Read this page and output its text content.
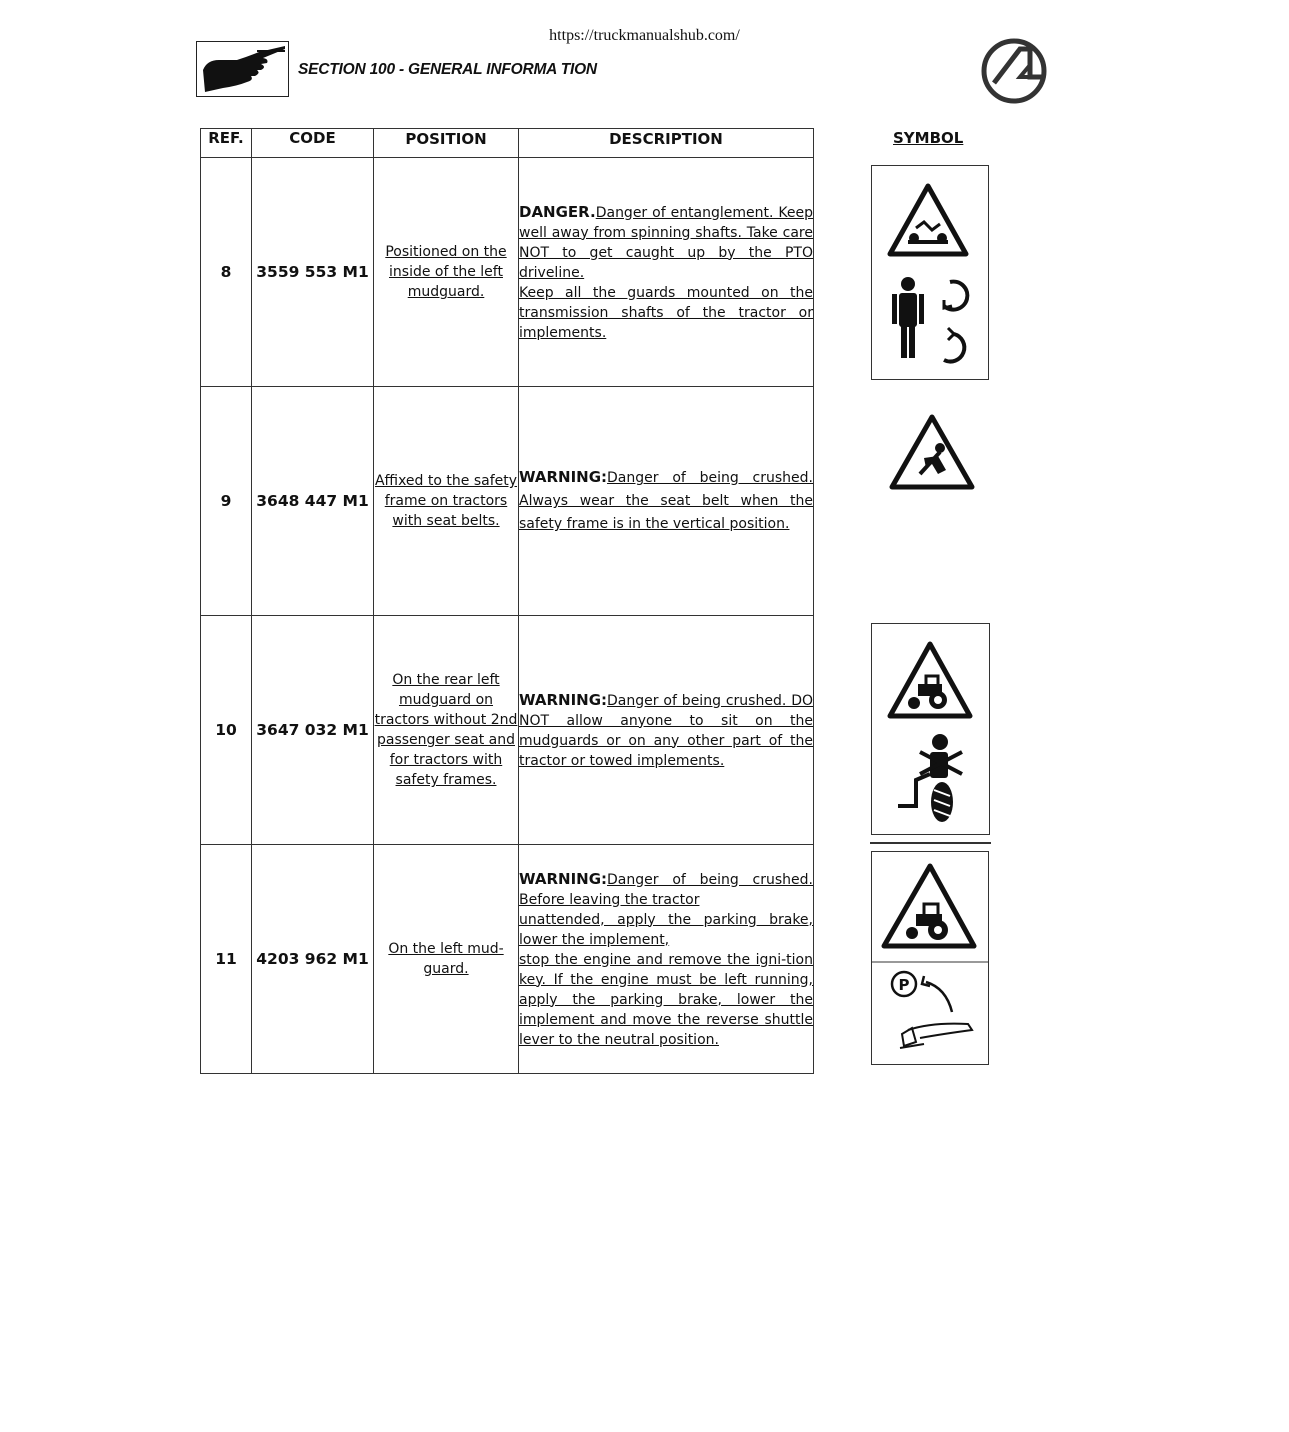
https://truckmanualshub.com/
SECTION 100 - GENERAL INFORMA TION
REF.	CODE	POSITION	DESCRIPTION
8	3559 553 M1	Positioned on the inside of the left mudguard.	DANGER.Danger of entanglement. Keep well away from spinning shafts. Take care NOT to get caught up by the PTO driveline.
Keep all the guards mounted on the transmission shafts of the tractor or implements.
9	3648 447 M1	Affixed to the safety frame on tractors with seat belts.	WARNING:Danger of being crushed. Always wear the seat belt when the safety frame is in the vertical position.
10	3647 032 M1	On the rear left mudguard on tractors without 2nd passenger seat and for tractors with safety frames.	WARNING:Danger of being crushed. DO NOT allow anyone to sit on the mudguards or on any other part of the tractor or towed implements.
11	4203 962 M1	On the left mud-guard.	WARNING:Danger of being crushed. Before leaving the tractor
unattended, apply the parking brake, lower the implement,
stop the engine and remove the igni-tion key. If the engine must be left running, apply the parking brake, lower the implement and move the reverse shuttle lever to the neutral position.
SYMBOL
P
